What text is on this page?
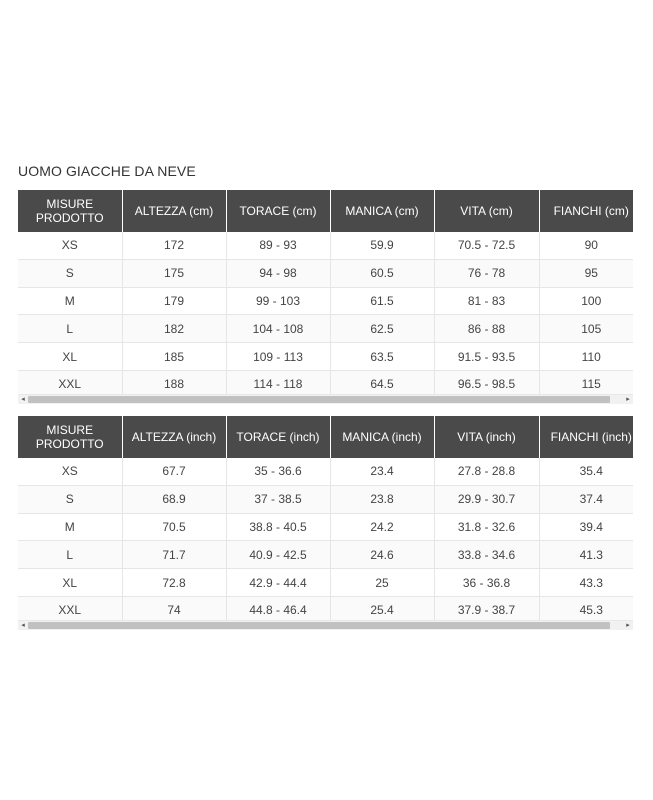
UOMO GIACCHE DA NEVE
MISURE
PRODOTTO	ALTEZZA (cm)	TORACE (cm)	MANICA (cm)	VITA (cm)	FIANCHI (cm)
XS	172	89 - 93	59.9	70.5 - 72.5	90
S	175	94 - 98	60.5	76 - 78	95
M	179	99 - 103	61.5	81 - 83	100
L	182	104 - 108	62.5	86 - 88	105
XL	185	109 - 113	63.5	91.5 - 93.5	110
XXL	188	114 - 118	64.5	96.5 - 98.5	115
◂	▸
MISURE
PRODOTTO	ALTEZZA (inch)	TORACE (inch)	MANICA (inch)	VITA (inch)	FIANCHI (inch)
XS	67.7	35 - 36.6	23.4	27.8 - 28.8	35.4
S	68.9	37 - 38.5	23.8	29.9 - 30.7	37.4
M	70.5	38.8 - 40.5	24.2	31.8 - 32.6	39.4
L	71.7	40.9 - 42.5	24.6	33.8 - 34.6	41.3
XL	72.8	42.9 - 44.4	25	36 - 36.8	43.3
XXL	74	44.8 - 46.4	25.4	37.9 - 38.7	45.3
◂	▸
